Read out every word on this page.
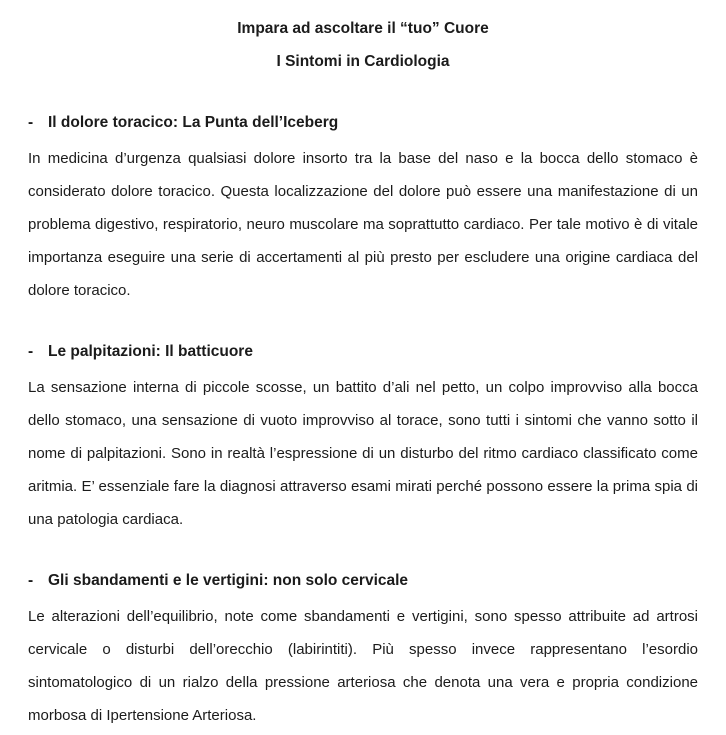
Impara ad ascoltare il “tuo” Cuore
I Sintomi in Cardiologia
- Il dolore toracico: La Punta dell’Iceberg

In medicina d’urgenza qualsiasi dolore insorto tra la base del naso e la bocca dello stomaco è considerato dolore toracico. Questa localizzazione del dolore può essere una manifestazione di un problema digestivo, respiratorio, neuro muscolare ma soprattutto cardiaco. Per tale motivo è di vitale importanza eseguire una serie di accertamenti al più presto per escludere una origine cardiaca del dolore toracico.

- Le palpitazioni: Il batticuore

La sensazione interna di piccole scosse, un battito d’ali nel petto, un colpo improvviso alla bocca dello stomaco, una sensazione di vuoto improvviso al torace, sono tutti i sintomi che vanno sotto il nome di palpitazioni. Sono in realtà l’espressione di un disturbo del ritmo cardiaco classificato come aritmia. E’ essenziale fare la diagnosi attraverso esami mirati perché possono essere la prima spia di una patologia cardiaca.

- Gli sbandamenti e le vertigini: non solo cervicale

Le alterazioni dell’equilibrio, note come sbandamenti e vertigini, sono spesso attribuite ad artrosi cervicale o disturbi dell’orecchio (labirintiti). Più spesso invece rappresentano l’esordio sintomatologico di un rialzo della pressione arteriosa che denota una vera e propria condizione morbosa di Ipertensione Arteriosa.
